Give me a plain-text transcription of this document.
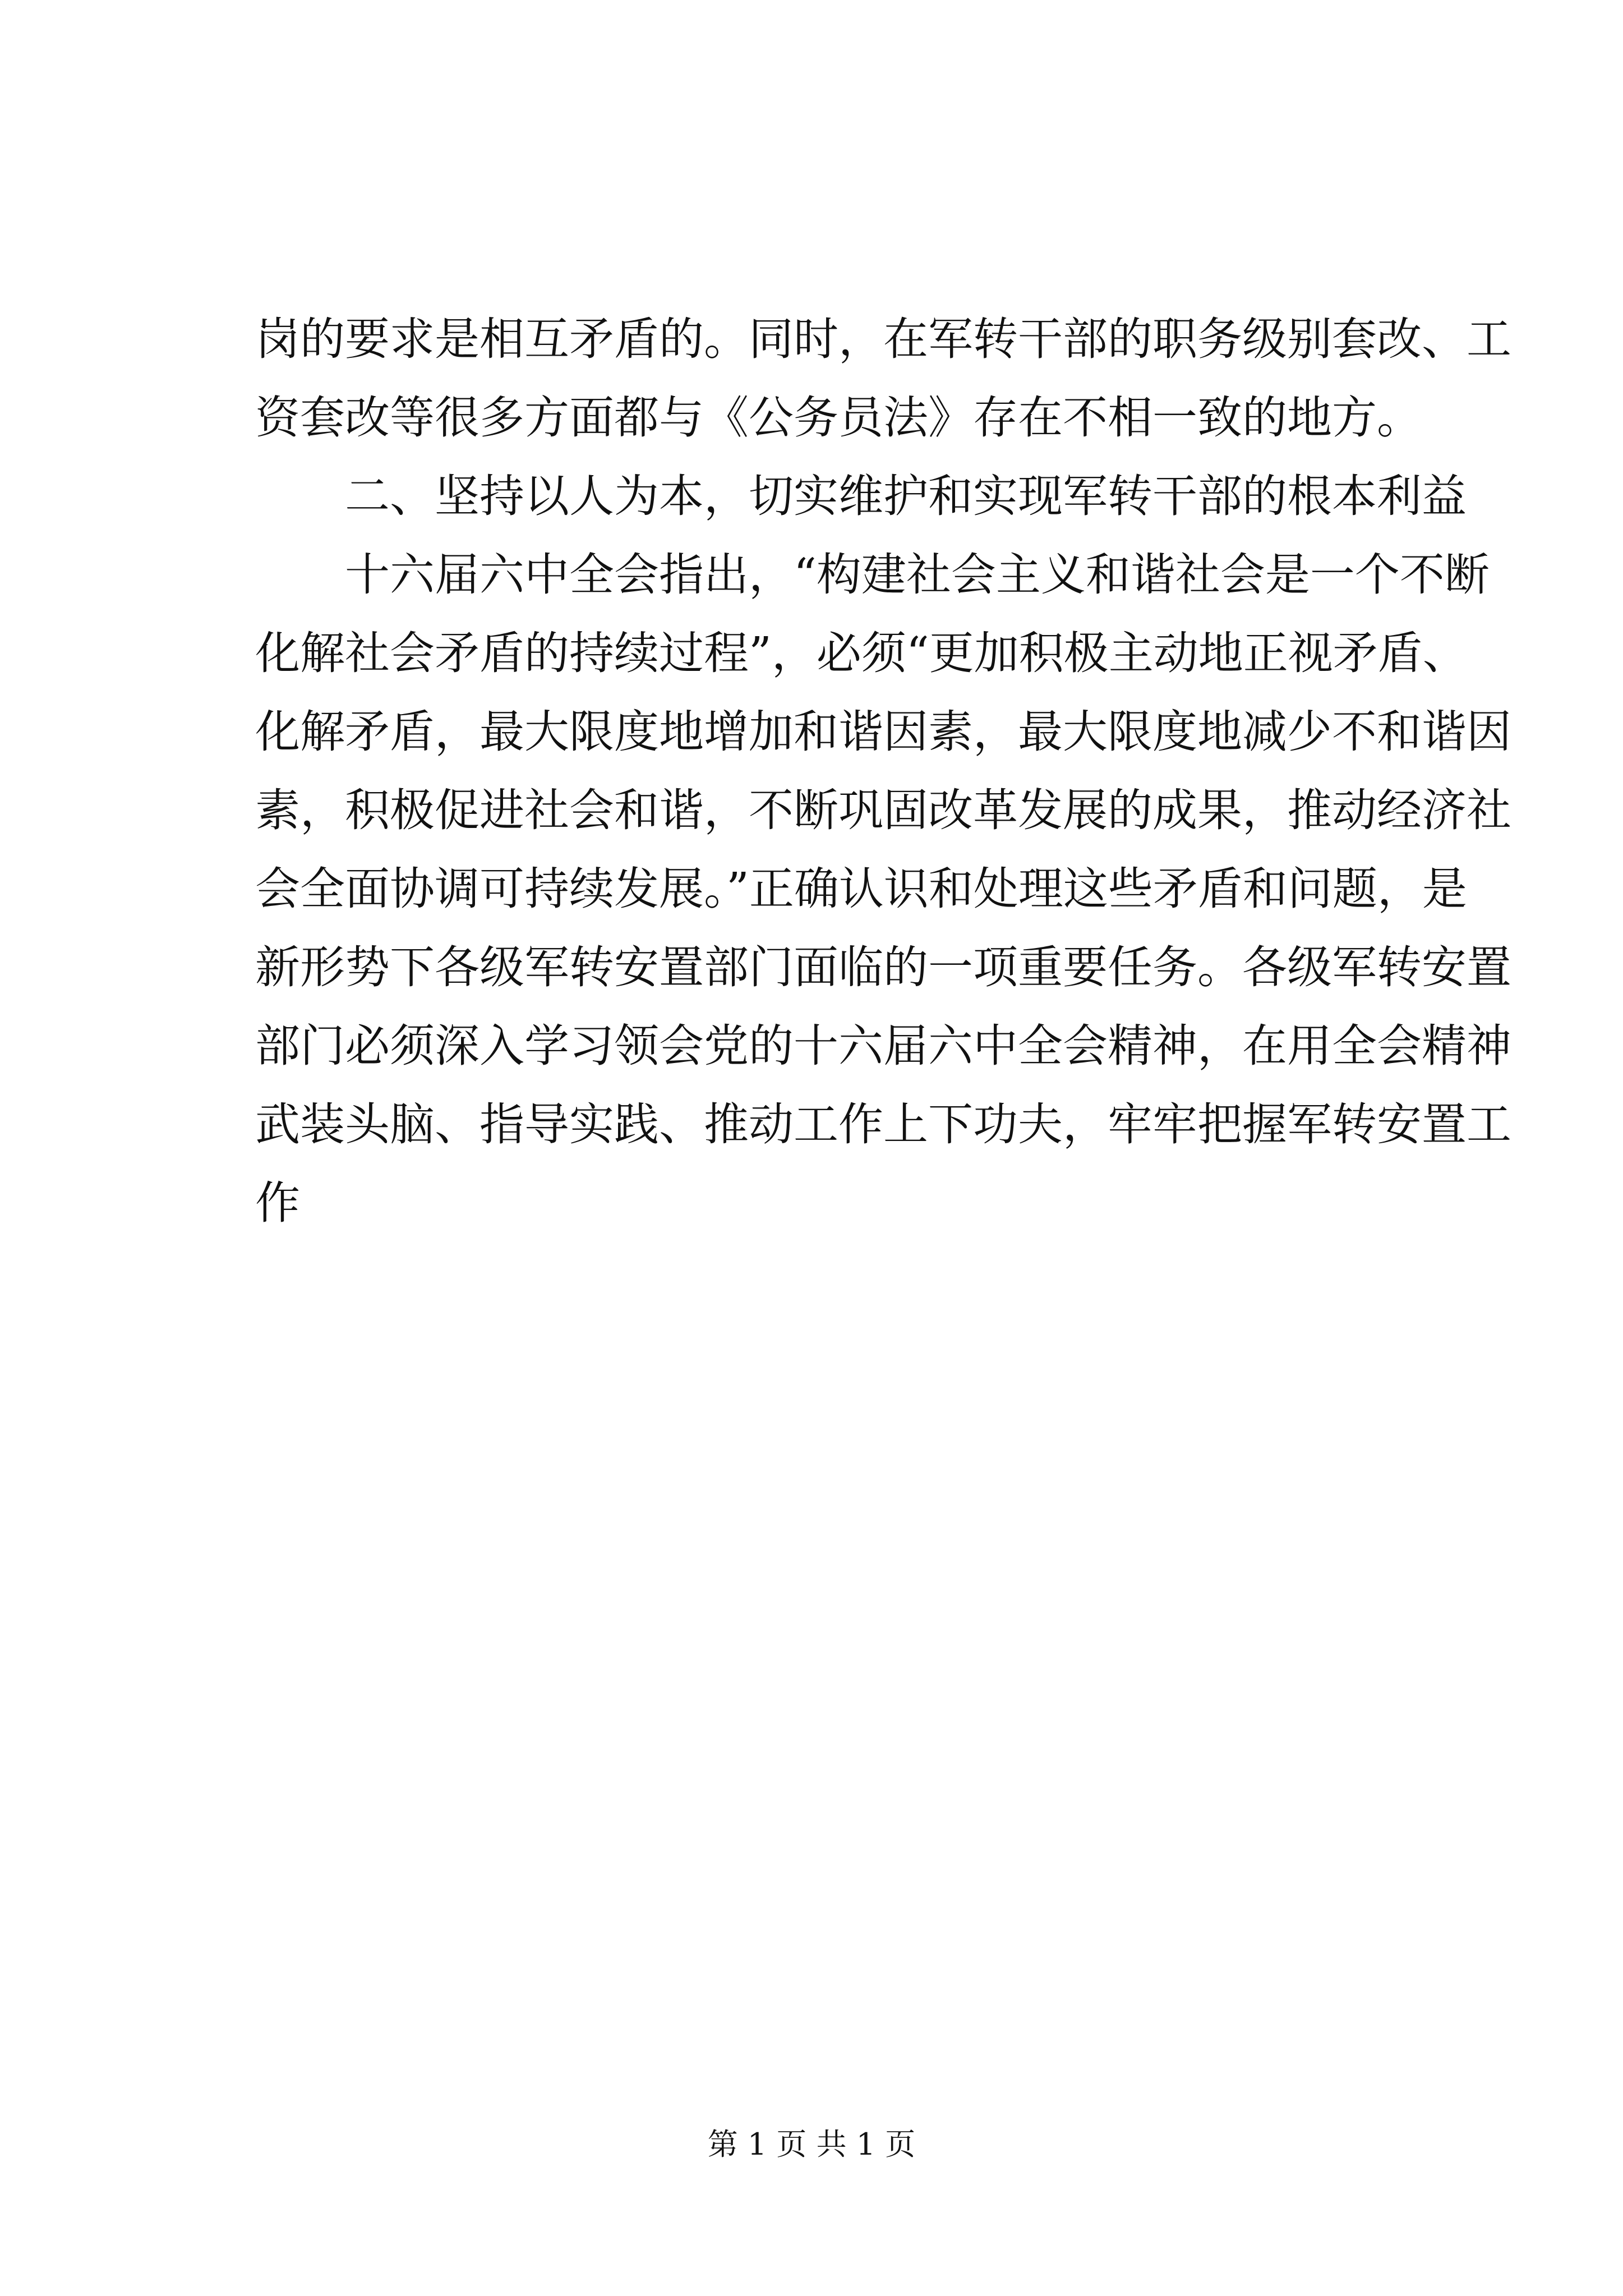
岗的要求是相互矛盾的。同时，在军转干部的职务级别套改、工
资套改等很多方面都与《公务员法》存在不相一致的地方。
二、坚持以人为本，切实维护和实现军转干部的根本利益
十六届六中全会指出，“构建社会主义和谐社会是一个不断
化解社会矛盾的持续过程”，必须“更加积极主动地正视矛盾、
化解矛盾，最大限度地增加和谐因素，最大限度地减少不和谐因
素，积极促进社会和谐，不断巩固改革发展的成果，推动经济社
会全面协调可持续发展。”正确认识和处理这些矛盾和问题，是
新形势下各级军转安置部门面临的一项重要任务。各级军转安置
部门必须深入学习领会党的十六届六中全会精神，在用全会精神
武装头脑、指导实践、推动工作上下功夫，牢牢把握军转安置工
作
第 1 页 共 1 页
